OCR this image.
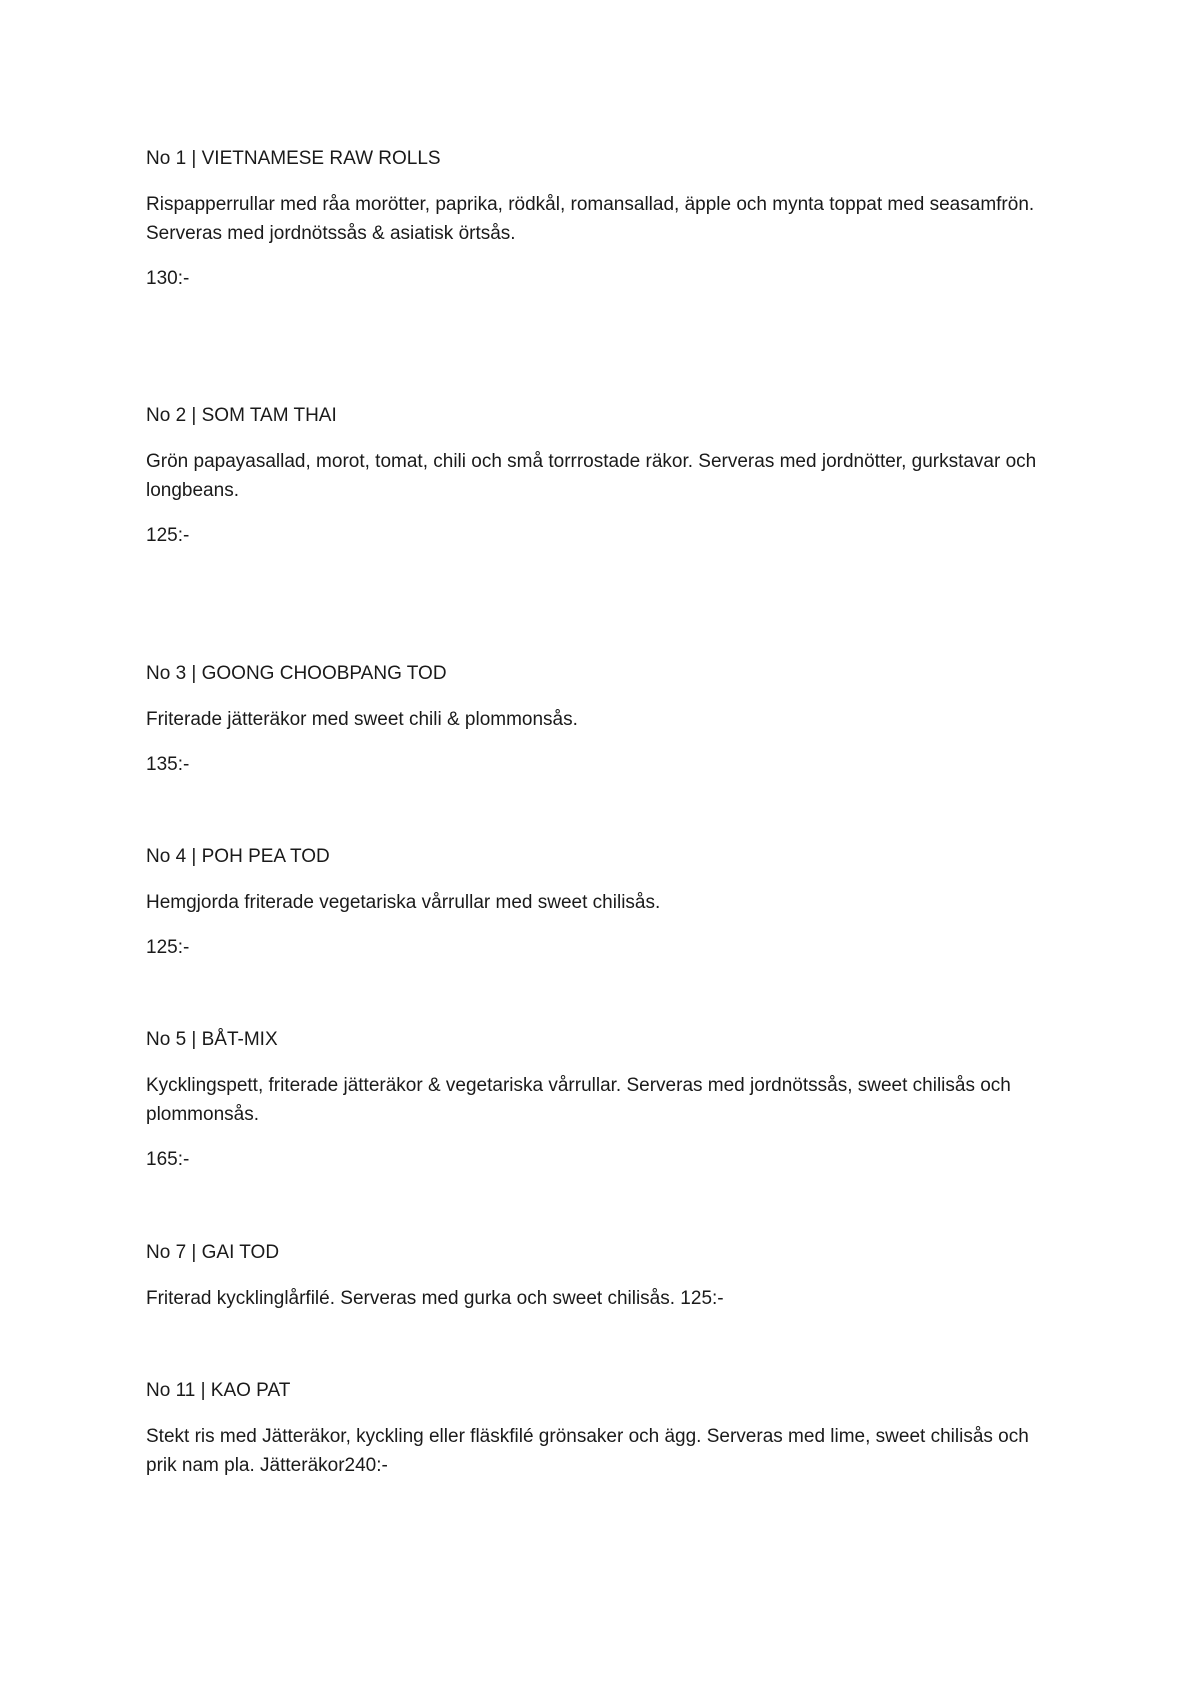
No 1 | VIETNAMESE RAW ROLLS

Rispapperrullar med råa morötter, paprika, rödkål, romansallad, äpple och mynta toppat med seasamfrön. Serveras med jordnötssås & asiatisk örtsås.

130:-

No 2 | SOM TAM THAI

Grön papayasallad, morot, tomat, chili och små torrrostade räkor. Serveras med jordnötter, gurkstavar och longbeans.

125:-

No 3 | GOONG CHOOBPANG TOD

Friterade jätteräkor med sweet chili & plommonsås.

135:-

No 4 | POH PEA TOD

Hemgjorda friterade vegetariska vårrullar med sweet chilisås.

125:-

No 5 | BÅT-MIX

Kycklingspett, friterade jätteräkor & vegetariska vårrullar. Serveras med jordnötssås, sweet chilisås och plommonsås.

165:-

No 7 | GAI TOD

Friterad kycklinglårfilé. Serveras med gurka och sweet chilisås. 125:-

No 11 | KAO PAT

Stekt ris med Jätteräkor, kyckling eller fläskfilé grönsaker och ägg. Serveras med lime, sweet chilisås och prik nam pla. Jätteräkor240:-
